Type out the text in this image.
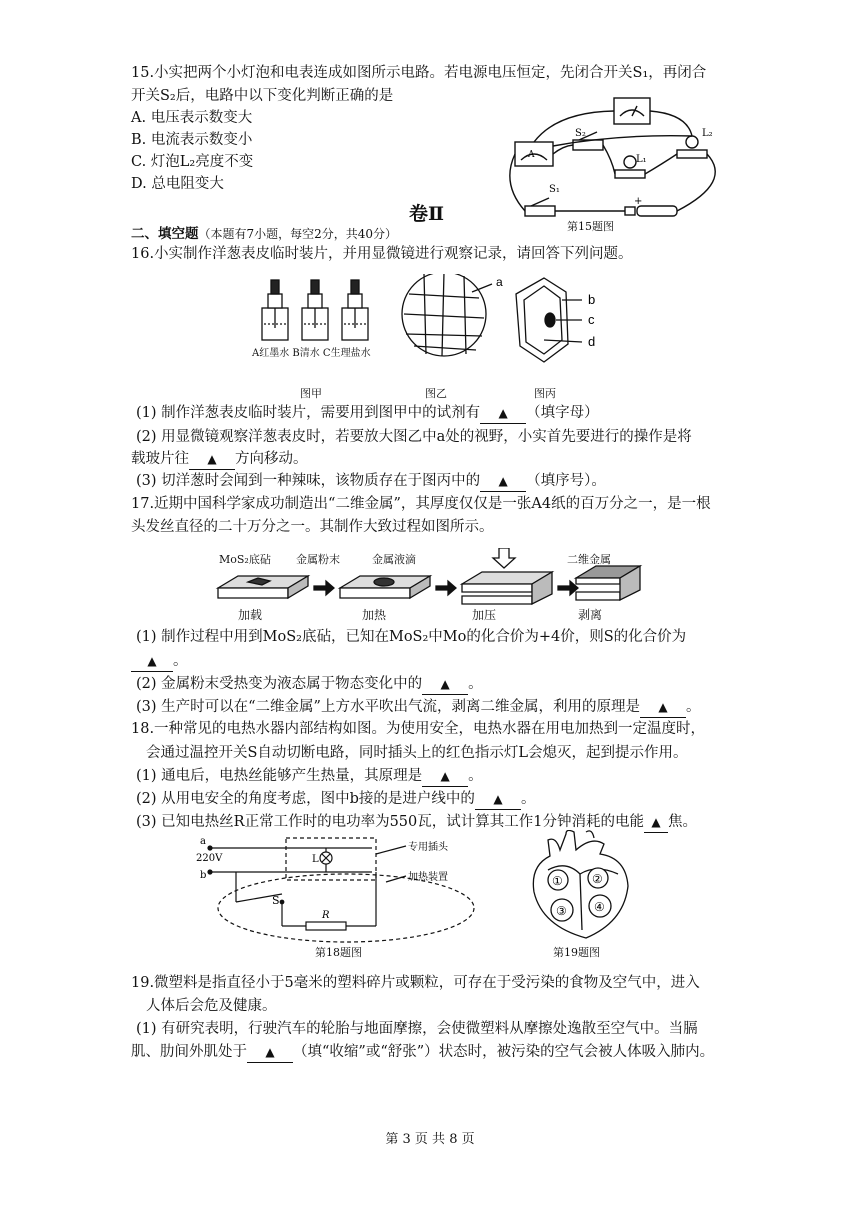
15.小实把两个小灯泡和电表连成如图所示电路。若电源电压恒定，先闭合开关S₁，再闭合
开关S₂后，电路中以下变化判断正确的是
A. 电压表示数变大
B. 电流表示数变小
C. 灯泡L₂亮度不变
D. 总电阻变大
A
S₂
L₁
L₂
S₁
+
第15题图
卷Ⅱ
二、填空题（本题有7小题，每空2分，共40分）
16.小实制作洋葱表皮临时装片，并用显微镜进行观察记录，请回答下列问题。
a
b
c
d
A红墨水 B清水 C生理盐水
图甲	图乙	图丙
(1) 制作洋葱表皮临时装片，需要用到图甲中的试剂有 ▲ （填字母）
(2) 用显微镜观察洋葱表皮时，若要放大图乙中a处的视野，小实首先要进行的操作是将
载玻片往 ▲ 方向移动。
(3) 切洋葱时会闻到一种辣味，该物质存在于图丙中的 ▲ （填序号）。
17.近期中国科学家成功制造出“二维金属”，其厚度仅仅是一张A4纸的百万分之一，是一根
头发丝直径的二十万分之一。其制作大致过程如图所示。
MoS₂底砧 金属粉末	金属液滴	二维金属
加载	加热	加压	剥离
(1) 制作过程中用到MoS₂底砧，已知在MoS₂中Mo的化合价为+4价，则S的化合价为
▲ 。
(2) 金属粉末受热变为液态属于物态变化中的 ▲ 。
(3) 生产时可以在“二维金属”上方水平吹出气流，剥离二维金属，利用的原理是 ▲ 。
18.一种常见的电热水器内部结构如图。为使用安全，电热水器在用电加热到一定温度时，
会通过温控开关S自动切断电路，同时插头上的红色指示灯L会熄灭，起到提示作用。
(1) 通电后，电热丝能够产生热量，其原理是 ▲ 。
(2) 从用电安全的角度考虑，图中b接的是进户线中的 ▲ 。
(3) 已知电热丝R正常工作时的电功率为550瓦，试计算其工作1分钟消耗的电能 ▲ 焦。
a
220V
b
L
S
R
专用插头
加热装置
第18题图
① ②
③ ④
第19题图
19.微塑料是指直径小于5毫米的塑料碎片或颗粒，可存在于受污染的食物及空气中，进入
人体后会危及健康。
(1) 有研究表明，行驶汽车的轮胎与地面摩擦，会使微塑料从摩擦处逸散至空气中。当膈
肌、肋间外肌处于 ▲ （填“收缩”或“舒张”）状态时，被污染的空气会被人体吸入肺内。
第 3 页 共 8 页
